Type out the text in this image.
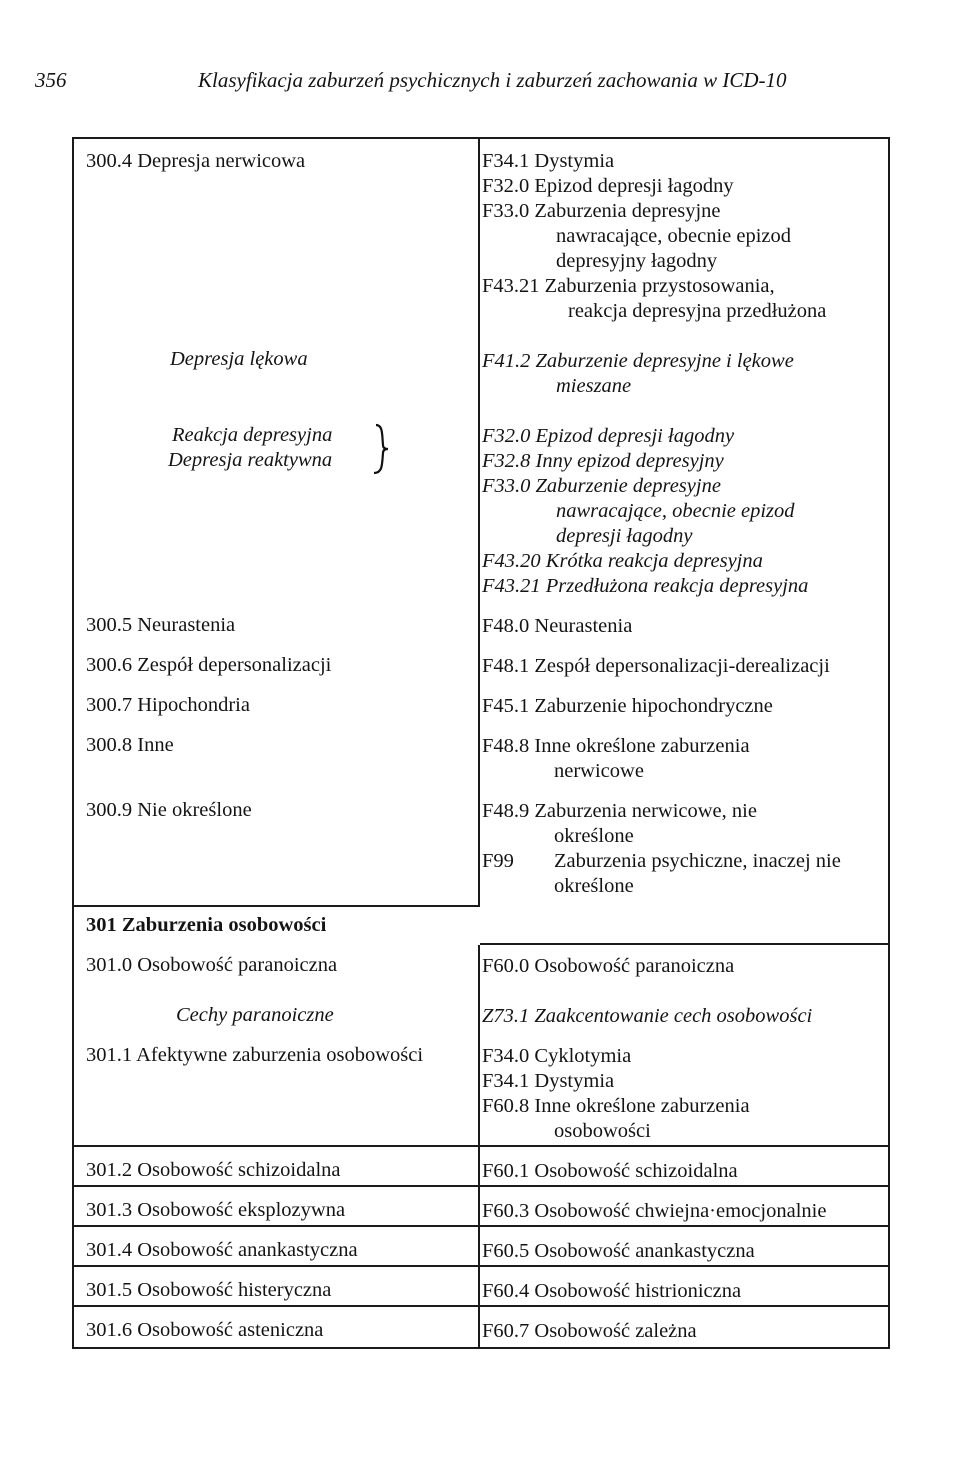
356	Klasyfikacja zaburzeń psychicznych i zaburzeń zachowania w ICD-10
300.4 Depresja nerwicowa
Depresja lękowa
Reakcja depresyjna
Depresja reaktywna
300.5 Neurastenia
300.6 Zespół depersonalizacji
300.7 Hipochondria
300.8 Inne
300.9 Nie określone
301 Zaburzenia osobowości
301.0 Osobowość paranoiczna
Cechy paranoiczne
301.1 Afektywne zaburzenia osobowości
301.2 Osobowość schizoidalna
301.3 Osobowość eksplozywna
301.4 Osobowość anankastyczna
301.5 Osobowość histeryczna
301.6 Osobowość asteniczna
F34.1 Dystymia
F32.0 Epizod depresji łagodny
F33.0 Zaburzenia depresyjne
nawracające, obecnie epizod
depresyjny łagodny
F43.21 Zaburzenia przystosowania,
reakcja depresyjna przedłużona
F41.2 Zaburzenie depresyjne i lękowe
mieszane
F32.0 Epizod depresji łagodny
F32.8 Inny epizod depresyjny
F33.0 Zaburzenie depresyjne
nawracające, obecnie epizod
depresji łagodny
F43.20 Krótka reakcja depresyjna
F43.21 Przedłużona reakcja depresyjna
F48.0 Neurastenia
F48.1 Zespół depersonalizacji-derealizacji
F45.1 Zaburzenie hipochondryczne
F48.8 Inne określone zaburzenia
nerwicowe
F48.9 Zaburzenia nerwicowe, nie
określone
F99 Zaburzenia psychiczne, inaczej nie
określone
F60.0 Osobowość paranoiczna
Z73.1 Zaakcentowanie cech osobowości
F34.0 Cyklotymia
F34.1 Dystymia
F60.8 Inne określone zaburzenia
osobowości
F60.1 Osobowość schizoidalna
F60.3 Osobowość chwiejna·emocjonalnie
F60.5 Osobowość anankastyczna
F60.4 Osobowość histrioniczna
F60.7 Osobowość zależna
